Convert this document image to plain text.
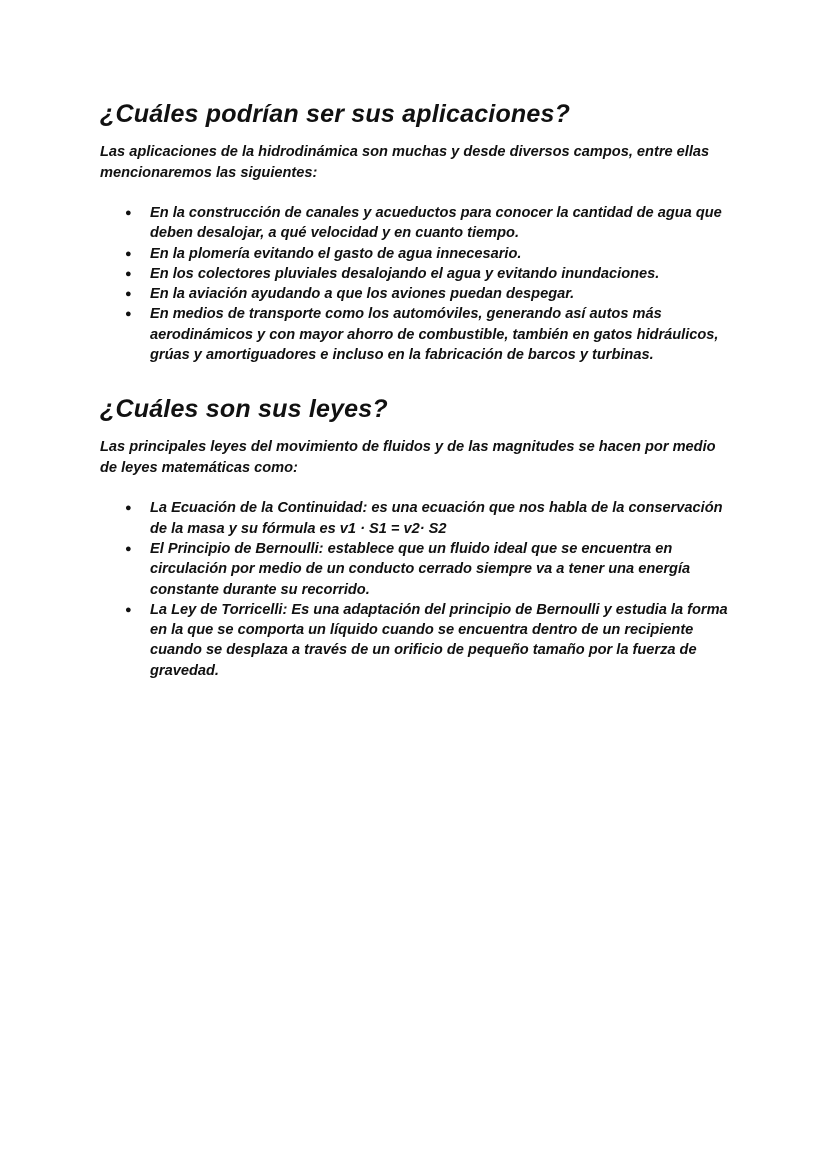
¿Cuáles podrían ser sus aplicaciones?

Las aplicaciones de la hidrodinámica son muchas y desde diversos campos, entre ellas mencionaremos las siguientes:

● En la construcción de canales y acueductos para conocer la cantidad de agua que deben desalojar, a qué velocidad y en cuanto tiempo.
● En la plomería evitando el gasto de agua innecesario.
● En los colectores pluviales desalojando el agua y evitando inundaciones.
● En la aviación ayudando a que los aviones puedan despegar.
● En medios de transporte como los automóviles, generando así autos más aerodinámicos y con mayor ahorro de combustible, también en gatos hidráulicos, grúas y amortiguadores e incluso en la fabricación de barcos y turbinas.
¿Cuáles son sus leyes?

Las principales leyes del movimiento de fluidos y de las magnitudes se hacen por medio de leyes matemáticas como:

● La Ecuación de la Continuidad: es una ecuación que nos habla de la conservación de la masa y su fórmula es v1 · S1 = v2· S2
● El Principio de Bernoulli: establece que un fluido ideal que se encuentra en circulación por medio de un conducto cerrado siempre va a tener una energía constante durante su recorrido.
● La Ley de Torricelli: Es una adaptación del principio de Bernoulli y estudia la forma en la que se comporta un líquido cuando se encuentra dentro de un recipiente cuando se desplaza a través de un orificio de pequeño tamaño por la fuerza de gravedad.
